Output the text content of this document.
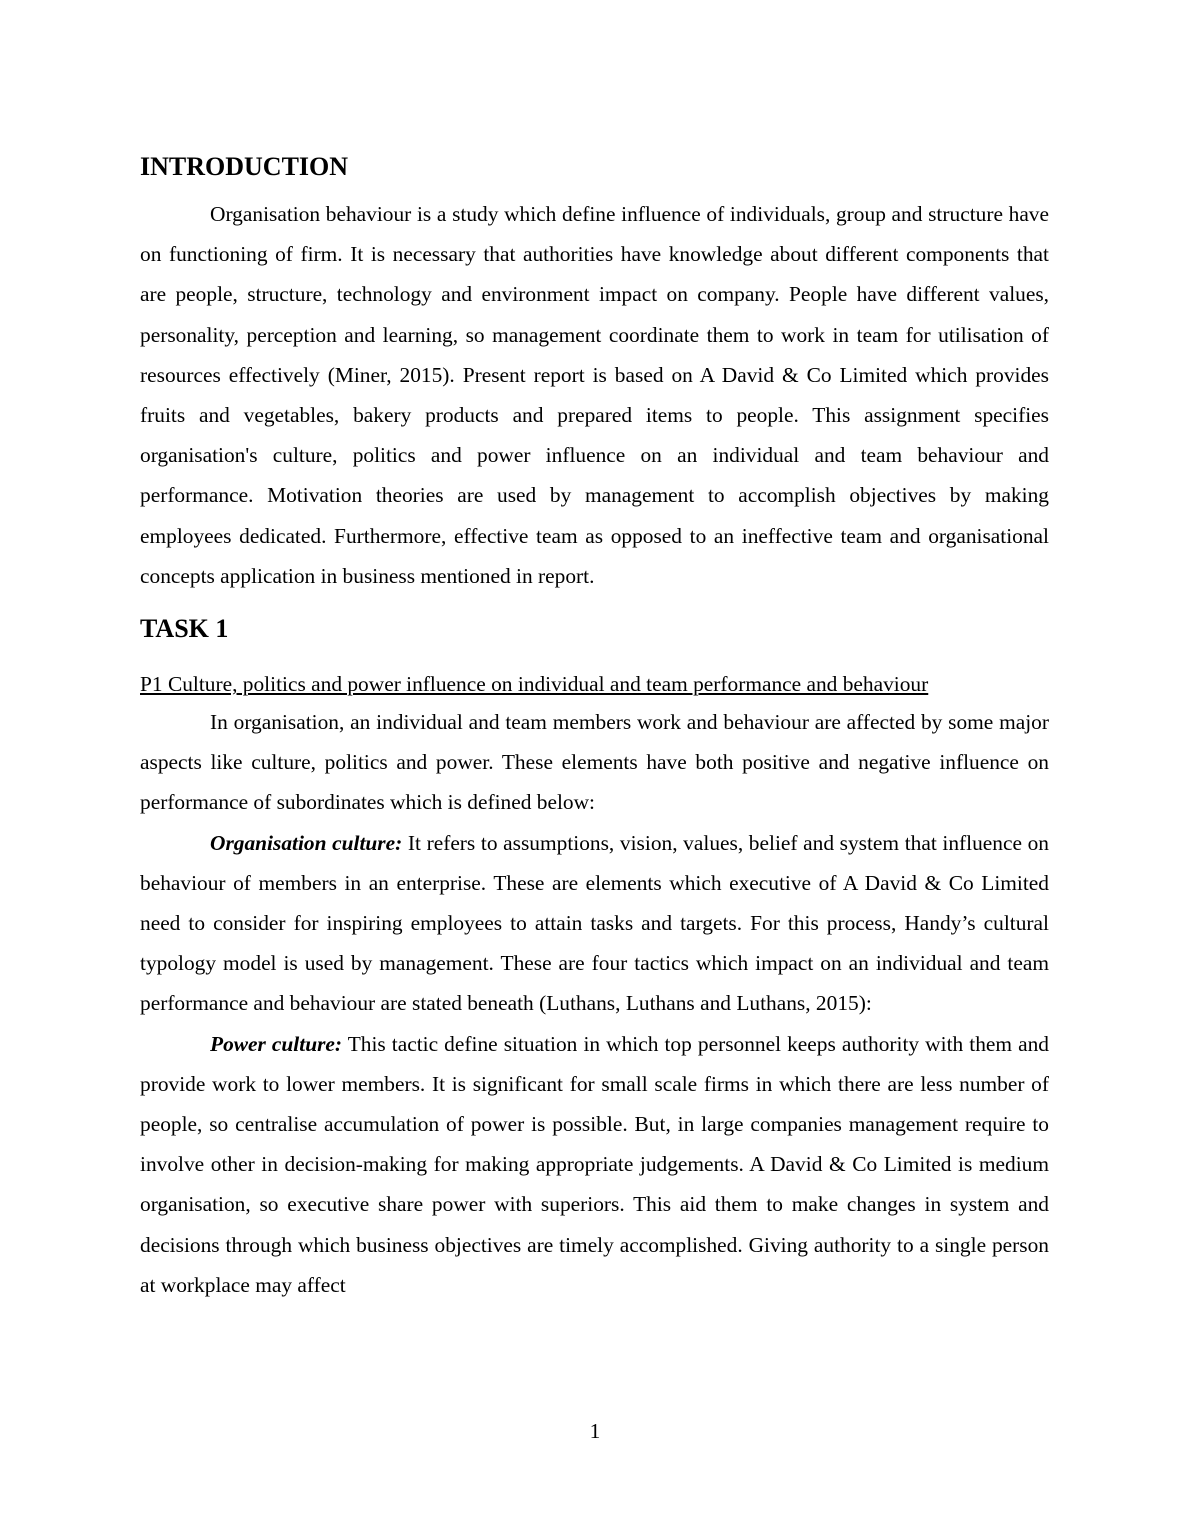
INTRODUCTION

Organisation behaviour is a study which define influence of individuals, group and structure have on functioning of firm. It is necessary that authorities have knowledge about different components that are people, structure, technology and environment impact on company. People have different values, personality, perception and learning, so management coordinate them to work in team for utilisation of resources effectively (Miner, 2015). Present report is based on A David & Co Limited which provides fruits and vegetables, bakery products and prepared items to people. This assignment specifies organisation's culture, politics and power influence on an individual and team behaviour and performance. Motivation theories are used by management to accomplish objectives by making employees dedicated. Furthermore, effective team as opposed to an ineffective team and organisational concepts application in business mentioned in report.

TASK 1
P1 Culture, politics and power influence on individual and team performance and behaviour

In organisation, an individual and team members work and behaviour are affected by some major aspects like culture, politics and power. These elements have both positive and negative influence on performance of subordinates which is defined below:

Organisation culture: It refers to assumptions, vision, values, belief and system that influence on behaviour of members in an enterprise. These are elements which executive of A David & Co Limited need to consider for inspiring employees to attain tasks and targets. For this process, Handy’s cultural typology model is used by management. These are four tactics which impact on an individual and team performance and behaviour are stated beneath (Luthans, Luthans and Luthans, 2015):

Power culture: This tactic define situation in which top personnel keeps authority with them and provide work to lower members. It is significant for small scale firms in which there are less number of people, so centralise accumulation of power is possible. But, in large companies management require to involve other in decision-making for making appropriate judgements. A David & Co Limited is medium organisation, so executive share power with superiors. This aid them to make changes in system and decisions through which business objectives are timely accomplished. Giving authority to a single person at workplace may affect

1
